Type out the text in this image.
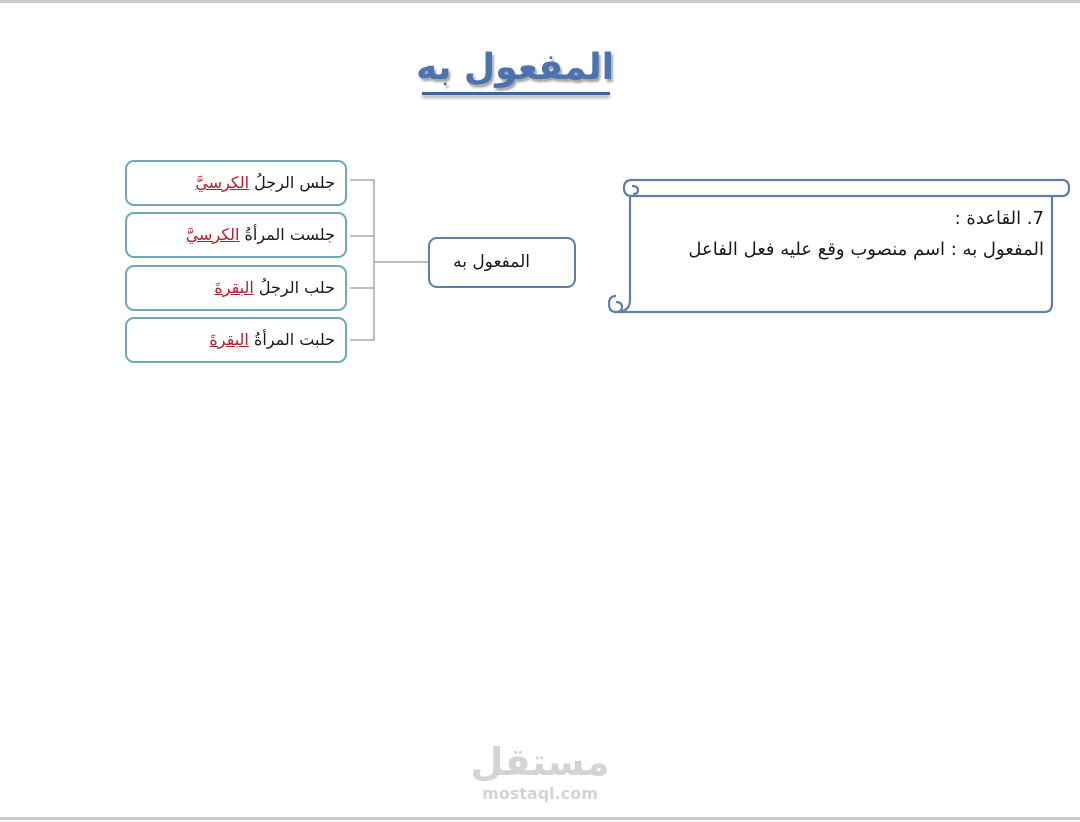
المفعول به
جلس الرجلُ الكرسيَّ
جلست المرأةُ الكرسيَّ
حلب الرجلُ البقرةَ
حلبت المرأةُ البقرةَ
المفعول به
7. القاعدة :
المفعول به : اسم منصوب وقع عليه فعل الفاعل
مستقل
mostaql.com
